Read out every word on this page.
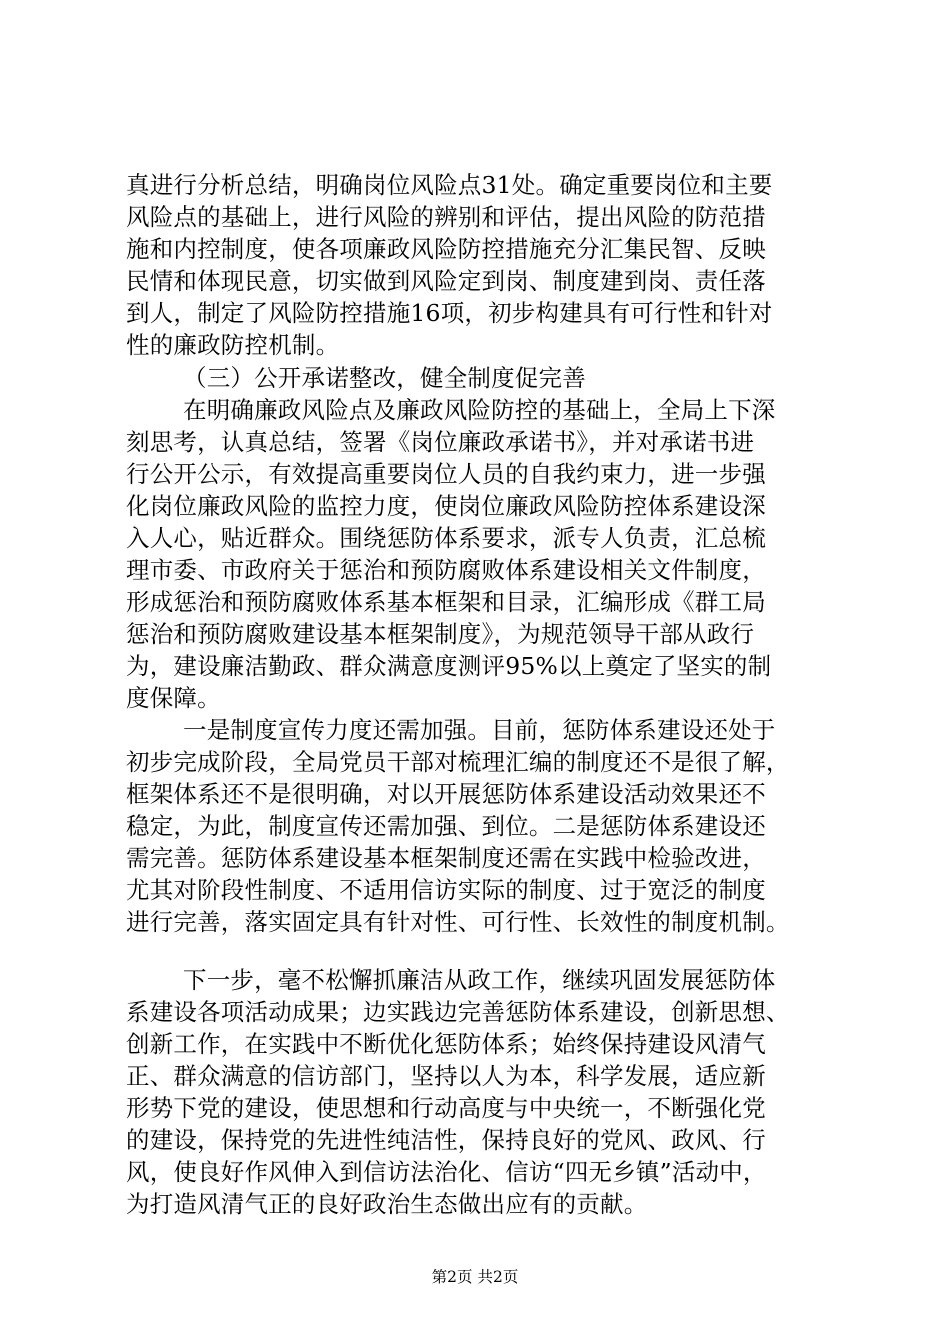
真进行分析总结，明确岗位风险点31处。确定重要岗位和主要
风险点的基础上，进行风险的辨别和评估，提出风险的防范措
施和内控制度，使各项廉政风险防控措施充分汇集民智、反映
民情和体现民意，切实做到风险定到岗、制度建到岗、责任落
到人，制定了风险防控措施16项，初步构建具有可行性和针对
性的廉政防控机制。
（三）公开承诺整改，健全制度促完善
在明确廉政风险点及廉政风险防控的基础上，全局上下深
刻思考，认真总结，签署《岗位廉政承诺书》，并对承诺书进
行公开公示，有效提高重要岗位人员的自我约束力，进一步强
化岗位廉政风险的监控力度，使岗位廉政风险防控体系建设深
入人心，贴近群众。围绕惩防体系要求，派专人负责，汇总梳
理市委、市政府关于惩治和预防腐败体系建设相关文件制度，
形成惩治和预防腐败体系基本框架和目录，汇编形成《群工局
惩治和预防腐败建设基本框架制度》，为规范领导干部从政行
为，建设廉洁勤政、群众满意度测评95%以上奠定了坚实的制
度保障。
一是制度宣传力度还需加强。目前，惩防体系建设还处于
初步完成阶段，全局党员干部对梳理汇编的制度还不是很了解，
框架体系还不是很明确，对以开展惩防体系建设活动效果还不
稳定，为此，制度宣传还需加强、到位。二是惩防体系建设还
需完善。惩防体系建设基本框架制度还需在实践中检验改进，
尤其对阶段性制度、不适用信访实际的制度、过于宽泛的制度
进行完善，落实固定具有针对性、可行性、长效性的制度机制。
下一步，毫不松懈抓廉洁从政工作，继续巩固发展惩防体
系建设各项活动成果；边实践边完善惩防体系建设，创新思想、
创新工作，在实践中不断优化惩防体系；始终保持建设风清气
正、群众满意的信访部门，坚持以人为本，科学发展，适应新
形势下党的建设，使思想和行动高度与中央统一，不断强化党
的建设，保持党的先进性纯洁性，保持良好的党风、政风、行
风，使良好作风伸入到信访法治化、信访“四无乡镇”活动中，
为打造风清气正的良好政治生态做出应有的贡献。
第2页 共2页
